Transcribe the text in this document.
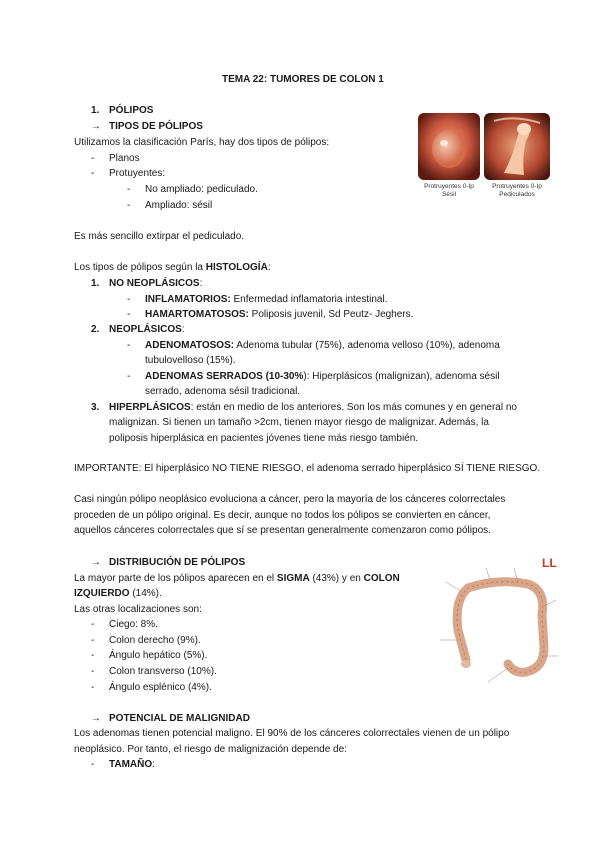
TEMA 22: TUMORES DE COLON 1
1. PÓLIPOS
→ TIPOS DE PÓLIPOS
Utilizamos la clasificación París, hay dos tipos de pólipos:
- Planos
- Protuyentes:
- No ampliado: pediculado.
- Ampliado: sésil
Es más sencillo extirpar el pediculado.
Protruyentes 0-Ip
Sésil
Protruyentes 0-Ip
Pediculados
Los tipos de pólipos según la HISTOLOGÍA:
1. NO NEOPLÁSICOS:
- INFLAMATORIOS: Enfermedad inflamatoria intestinal.
- HAMARTOMATOSOS: Poliposis juvenil, Sd Peutz- Jeghers.
2. NEOPLÁSICOS:
- ADENOMATOSOS: Adenoma tubular (75%), adenoma velloso (10%), adenoma
tubulovelloso (15%).
- ADENOMAS SERRADOS (10-30%): Hiperplásicos (malignizan), adenoma sésil
serrado, adenoma sésil tradicional.
3. HIPERPLÁSICOS: están en medio de los anteriores. Son los más comunes y en general no
malignizan. Si tienen un tamaño >2cm, tienen mayor riesgo de malignizar. Además, la
poliposis hiperplásica en pacientes jóvenes tiene más riesgo también.
IMPORTANTE: El hiperplásico NO TIENE RIESGO, el adenoma serrado hiperplásico SÍ TIENE RIESGO.
Casi ningún pólipo neoplásico evoluciona a cáncer, pero la mayoría de los cánceres colorrectales
proceden de un pólipo original. Es decir, aunque no todos los pólipos se convierten en cáncer,
aquellos cánceres colorrectales que sí se presentan generalmente comenzaron como pólipos.
→ DISTRIBUCIÓN DE PÓLIPOS
La mayor parte de los pólipos aparecen en el SIGMA (43%) y en COLON
IZQUIERDO (14%).
Las otras localizaciones son:
- Ciego: 8%.
- Colon derecho (9%).
- Ángulo hepático (5%).
- Colon transverso (10%).
- Ángulo esplénico (4%).
LL
→ POTENCIAL DE MALIGNIDAD
Los adenomas tienen potencial maligno. El 90% de los cánceres colorrectales vienen de un pólipo
neoplásico. Por tanto, el riesgo de malignización depende de:
- TAMAÑO:
